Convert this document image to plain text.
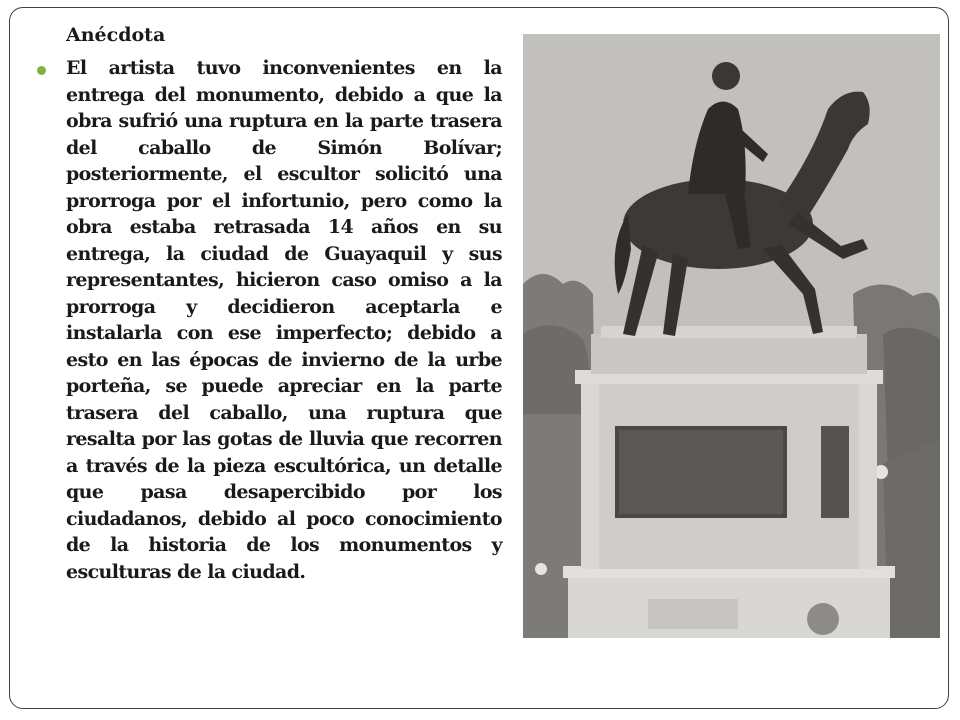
Anécdota
El artista tuvo inconvenientes en la entrega del monumento, debido a que la obra sufrió una ruptura en la parte trasera del caballo de Simón Bolívar; posteriormente, el escultor solicitó una prorroga por el infortunio, pero como la obra estaba retrasada 14 años en su entrega, la ciudad de Guayaquil y sus representantes, hicieron caso omiso a la prorroga y decidieron aceptarla e instalarla con ese imperfecto; debido a esto en las épocas de invierno de la urbe porteña, se puede apreciar en la parte trasera del caballo, una ruptura que resalta por las gotas de lluvia que recorren a través de la pieza escultórica, un detalle que pasa desapercibido por los ciudadanos, debido al poco conocimiento de la historia de los monumentos y esculturas de la ciudad.
